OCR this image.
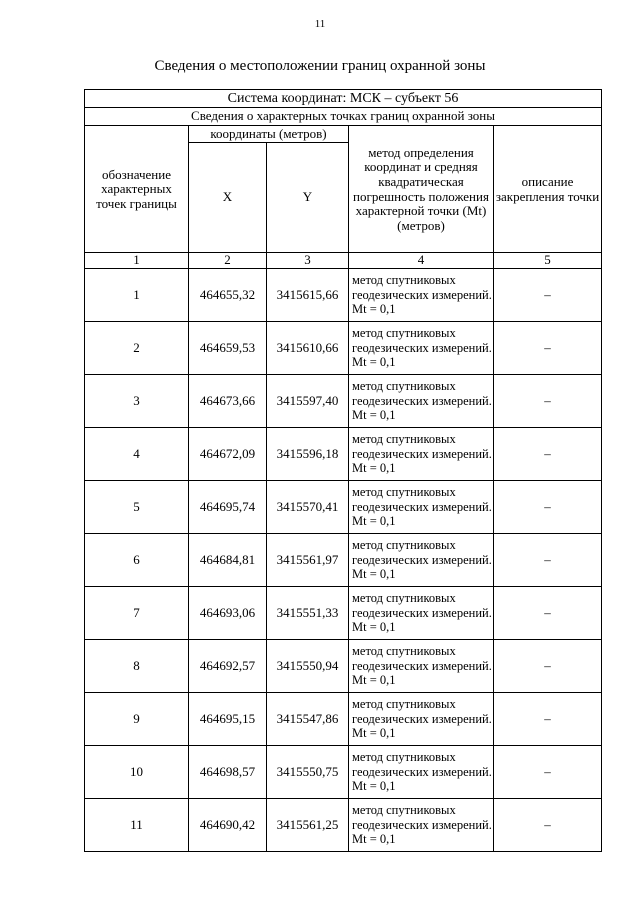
11
Сведения о местоположении границ охранной зоны
Система координат: МСК – субъект 56				
Сведения о характерных точках границ охранной зоны				
обозначение характерных точек границы	координаты (метров)		метод определения координат и средняя квадратическая погрешность положения характерной точки (Mt) (метров)	описание закрепления точки
	X	Y		
1	2	3	4	5
1	464655,32	3415615,66	метод спутниковых геодезических измерений. Mt = 0,1	–
2	464659,53	3415610,66	метод спутниковых геодезических измерений. Mt = 0,1	–
3	464673,66	3415597,40	метод спутниковых геодезических измерений. Mt = 0,1	–
4	464672,09	3415596,18	метод спутниковых геодезических измерений. Mt = 0,1	–
5	464695,74	3415570,41	метод спутниковых геодезических измерений. Mt = 0,1	–
6	464684,81	3415561,97	метод спутниковых геодезических измерений. Mt = 0,1	–
7	464693,06	3415551,33	метод спутниковых геодезических измерений. Mt = 0,1	–
8	464692,57	3415550,94	метод спутниковых геодезических измерений. Mt = 0,1	–
9	464695,15	3415547,86	метод спутниковых геодезических измерений. Mt = 0,1	–
10	464698,57	3415550,75	метод спутниковых геодезических измерений. Mt = 0,1	–
11	464690,42	3415561,25	метод спутниковых геодезических измерений. Mt = 0,1	–
